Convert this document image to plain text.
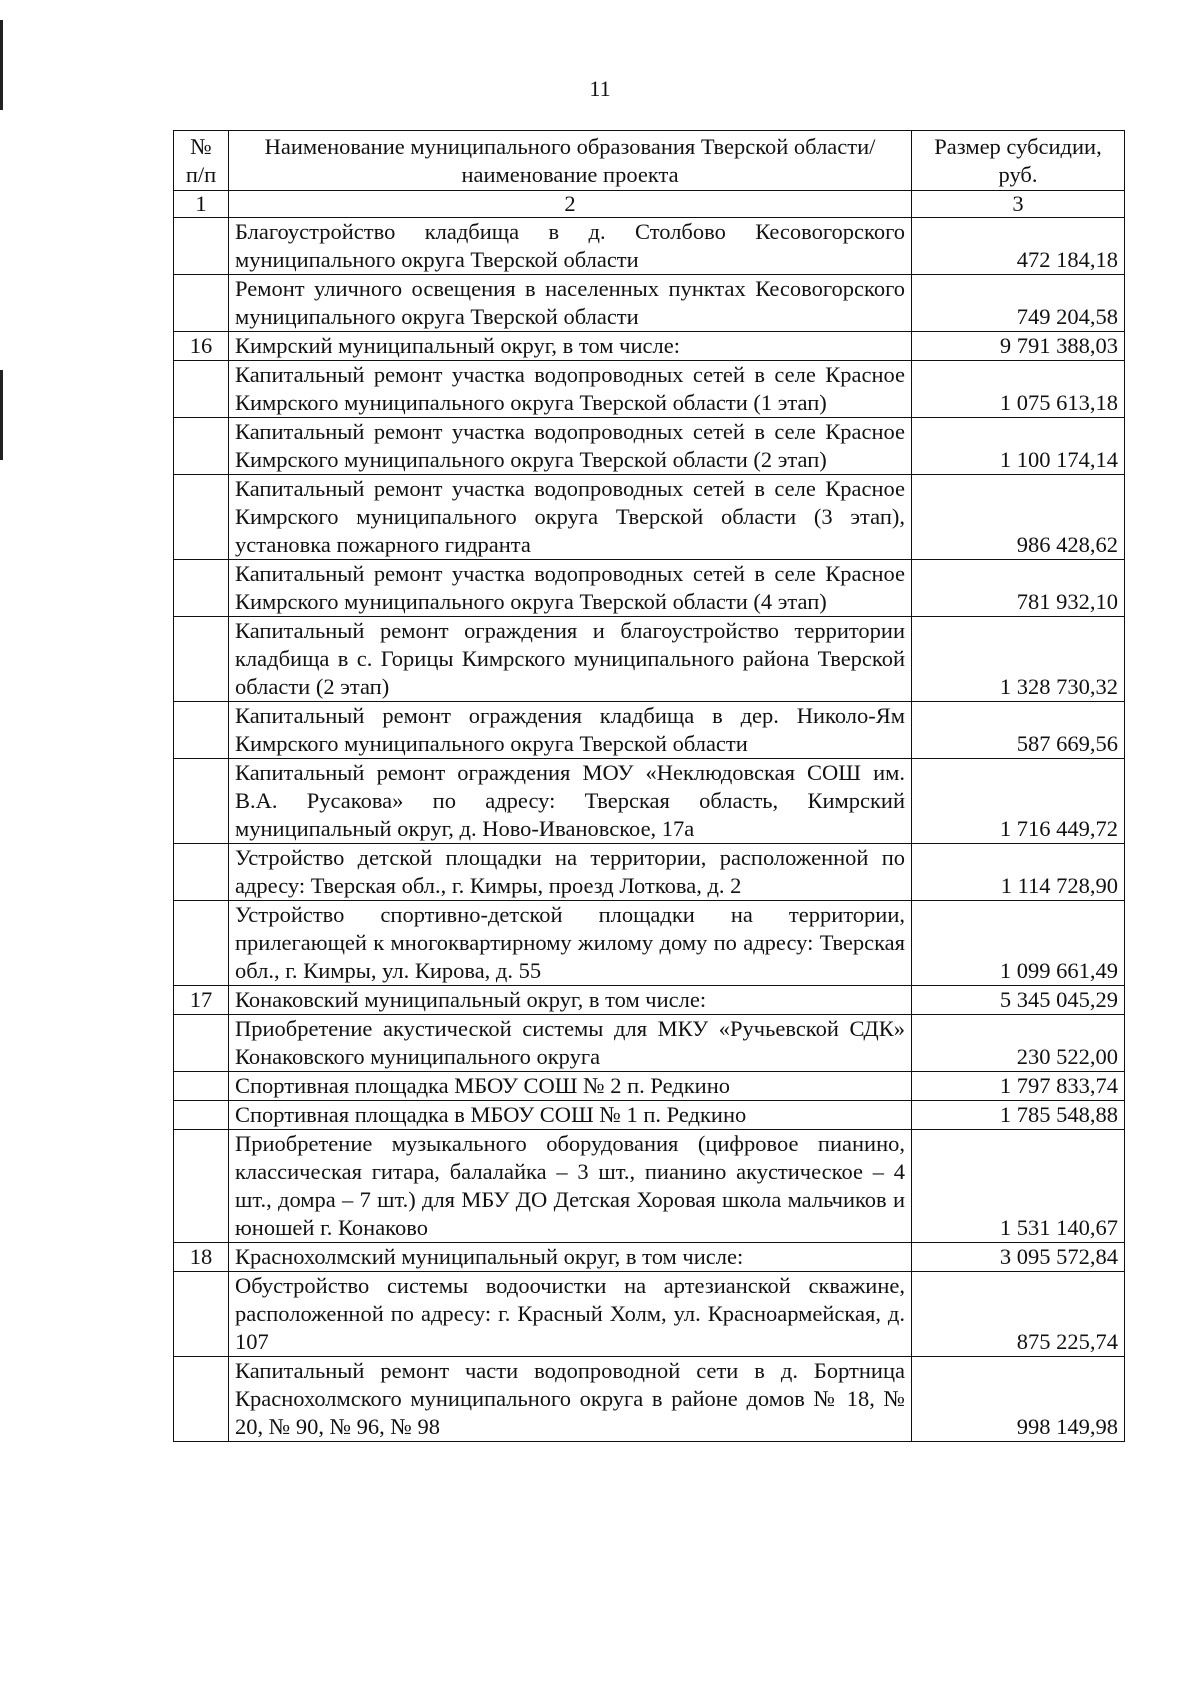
11
№ п/п	Наименование муниципального образования Тверской области/наименование проекта	Размер субсидии, руб.
1	2	3
	Благоустройство кладбища в д. Столбово Кесовогорского муниципального округа Тверской области	472 184,18
	Ремонт уличного освещения в населенных пунктах Кесовогорского муниципального округа Тверской области	749 204,58
16	Кимрский муниципальный округ, в том числе:	9 791 388,03
	Капитальный ремонт участка водопроводных сетей в селе Красное Кимрского муниципального округа Тверской области (1 этап)	1 075 613,18
	Капитальный ремонт участка водопроводных сетей в селе Красное Кимрского муниципального округа Тверской области (2 этап)	1 100 174,14
	Капитальный ремонт участка водопроводных сетей в селе Красное Кимрского муниципального округа Тверской области (3 этап), установка пожарного гидранта	986 428,62
	Капитальный ремонт участка водопроводных сетей в селе Красное Кимрского муниципального округа Тверской области (4 этап)	781 932,10
	Капитальный ремонт ограждения и благоустройство территории кладбища в с. Горицы Кимрского муниципального района Тверской области (2 этап)	1 328 730,32
	Капитальный ремонт ограждения кладбища в дер. Николо-Ям Кимрского муниципального округа Тверской области	587 669,56
	Капитальный ремонт ограждения МОУ «Неклюдовская СОШ им. В.А. Русакова» по адресу: Тверская область, Кимрский муниципальный округ, д. Ново-Ивановское, 17а	1 716 449,72
	Устройство детской площадки на территории, расположенной по адресу: Тверская обл., г. Кимры, проезд Лоткова, д. 2	1 114 728,90
	Устройство спортивно-детской площадки на территории, прилегающей к многоквартирному жилому дому по адресу: Тверская обл., г. Кимры, ул. Кирова, д. 55	1 099 661,49
17	Конаковский муниципальный округ, в том числе:	5 345 045,29
	Приобретение акустической системы для МКУ «Ручьевской СДК» Конаковского муниципального округа	230 522,00
	Спортивная площадка МБОУ СОШ № 2 п. Редкино	1 797 833,74
	Спортивная площадка в МБОУ СОШ № 1 п. Редкино	1 785 548,88
	Приобретение музыкального оборудования (цифровое пианино, классическая гитара, балалайка – 3 шт., пианино акустическое – 4 шт., домра – 7 шт.) для МБУ ДО Детская Хоровая школа мальчиков и юношей г. Конаково	1 531 140,67
18	Краснохолмский муниципальный округ, в том числе:	3 095 572,84
	Обустройство системы водоочистки на артезианской скважине, расположенной по адресу: г. Красный Холм, ул. Красноармейская, д. 107	875 225,74
	Капитальный ремонт части водопроводной сети в д. Бортница Краснохолмского муниципального округа в районе домов № 18, № 20, № 90, № 96, № 98	998 149,98
